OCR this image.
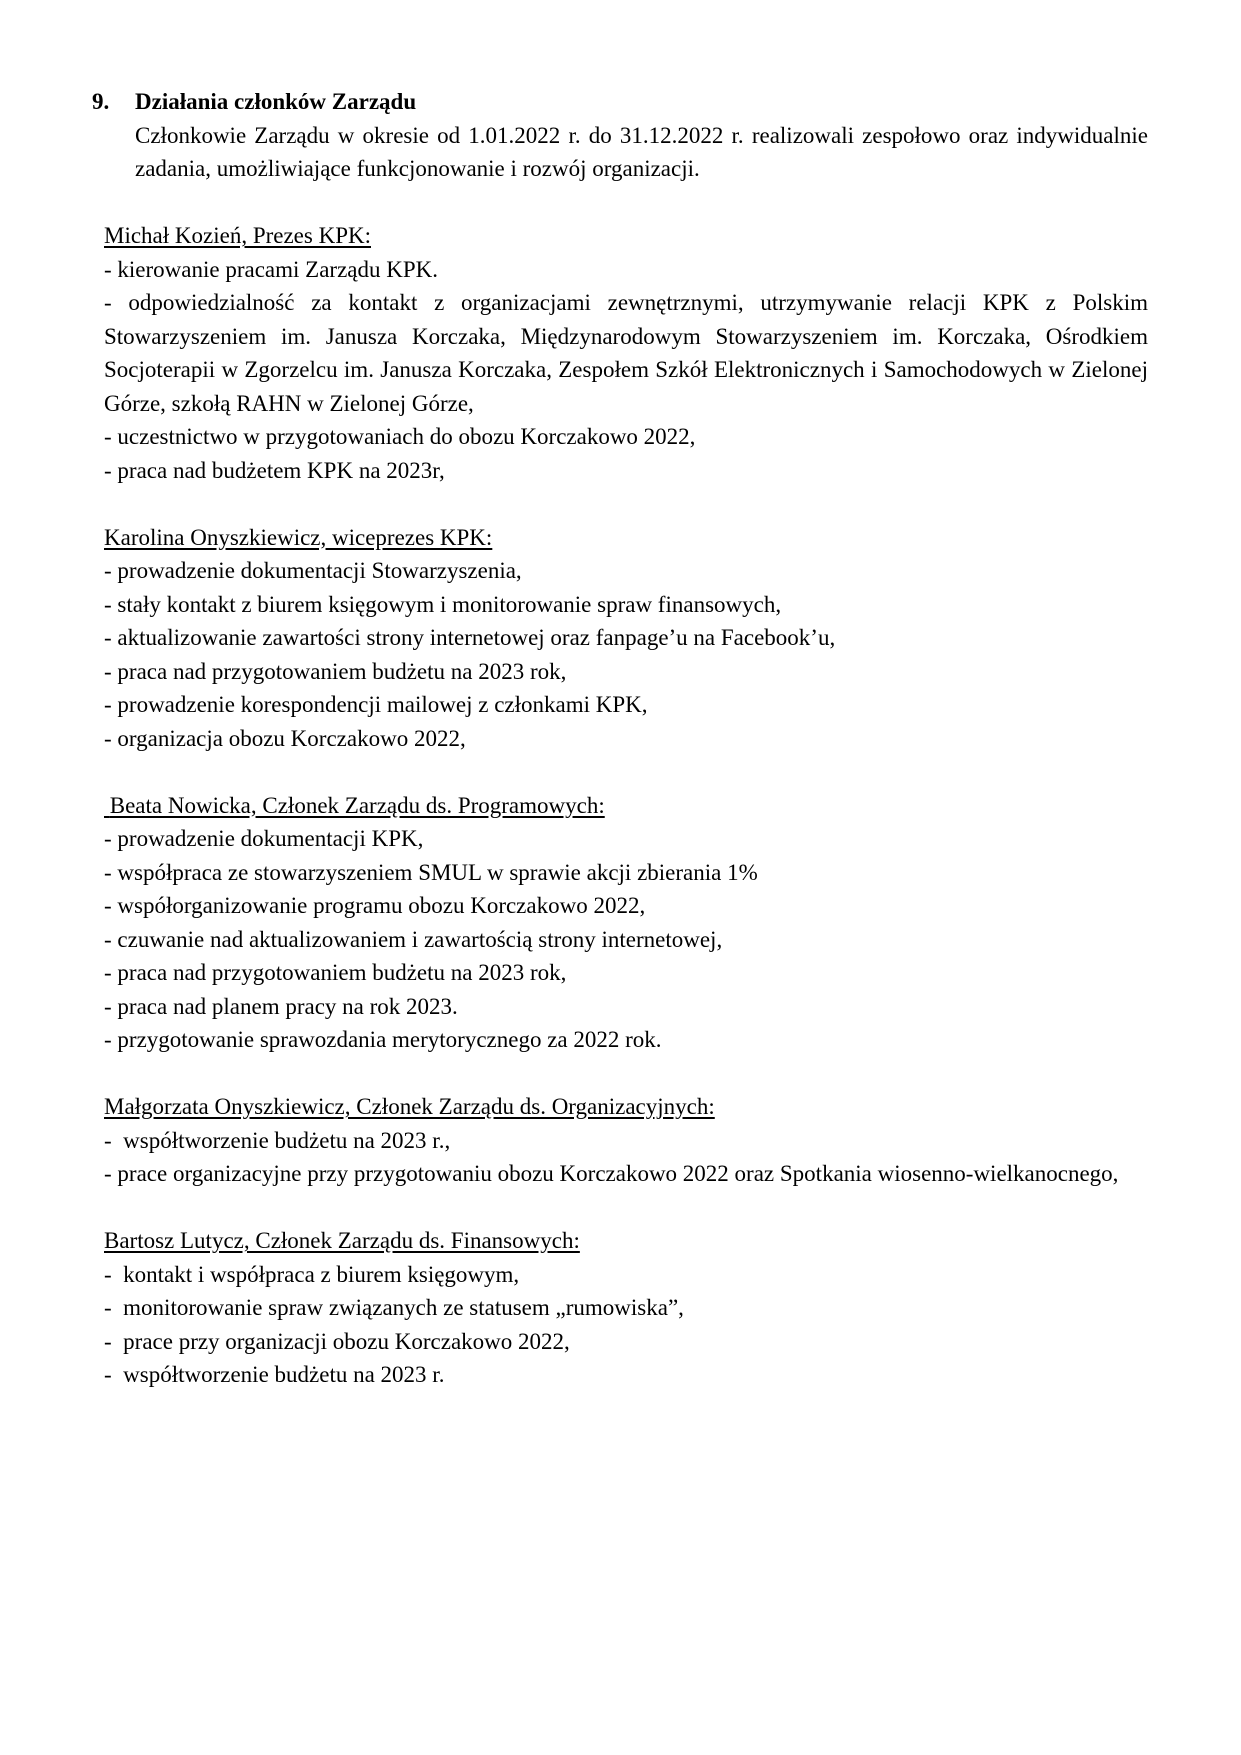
9.	Działania członków Zarządu

Członkowie Zarządu w okresie od 1.01.2022 r. do 31.12.2022 r. realizowali zespołowo oraz indywidualnie zadania, umożliwiające funkcjonowanie i rozwój organizacji.

Michał Kozień, Prezes KPK:

- kierowanie pracami Zarządu KPK.

- odpowiedzialność za kontakt z organizacjami zewnętrznymi, utrzymywanie relacji KPK z Polskim Stowarzyszeniem im. Janusza Korczaka, Międzynarodowym Stowarzyszeniem im. Korczaka, Ośrodkiem Socjoterapii w Zgorzelcu im. Janusza Korczaka, Zespołem Szkół Elektronicznych i Samochodowych w Zielonej Górze, szkołą RAHN w Zielonej Górze,

- uczestnictwo w przygotowaniach do obozu Korczakowo 2022,

- praca nad budżetem KPK na 2023r,

Karolina Onyszkiewicz, wiceprezes KPK:

- prowadzenie dokumentacji Stowarzyszenia,

- stały kontakt z biurem księgowym i monitorowanie spraw finansowych,

- aktualizowanie zawartości strony internetowej oraz fanpage’u na Facebook’u,

- praca nad przygotowaniem budżetu na 2023 rok,

- prowadzenie korespondencji mailowej z członkami KPK,

- organizacja obozu Korczakowo 2022,

Beata Nowicka, Członek Zarządu ds. Programowych:

- prowadzenie dokumentacji KPK,

- współpraca ze stowarzyszeniem SMUL w sprawie akcji zbierania 1%

- współorganizowanie programu obozu Korczakowo 2022,

- czuwanie nad aktualizowaniem i zawartością strony internetowej,

- praca nad przygotowaniem budżetu na 2023 rok,

- praca nad planem pracy na rok 2023.

- przygotowanie sprawozdania merytorycznego za 2022 rok.

Małgorzata Onyszkiewicz, Członek Zarządu ds. Organizacyjnych:

-  współtworzenie budżetu na 2023 r.,

- prace organizacyjne przy przygotowaniu obozu Korczakowo 2022 oraz Spotkania wiosenno-wielkanocnego,

Bartosz Lutycz, Członek Zarządu ds. Finansowych:

-  kontakt i współpraca z biurem księgowym,

-  monitorowanie spraw związanych ze statusem „rumowiska”,

-  prace przy organizacji obozu Korczakowo 2022,

-  współtworzenie budżetu na 2023 r.
